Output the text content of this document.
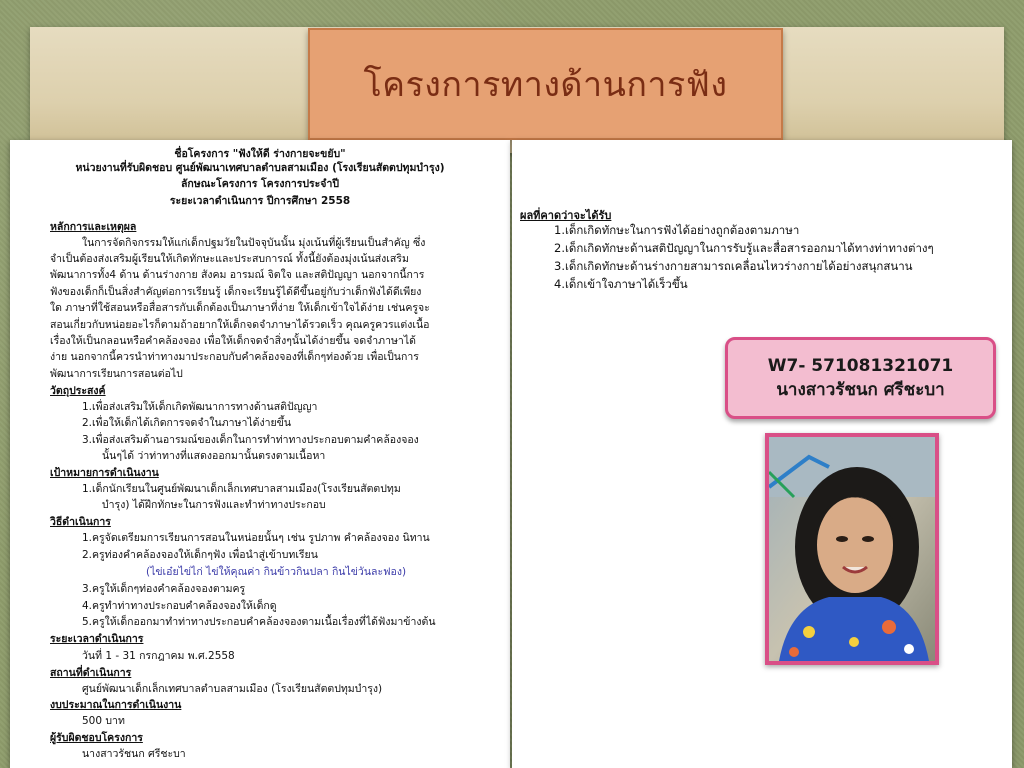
โครงการทางด้านการฟัง
ชื่อโครงการ "ฟังให้ดี ร่างกายจะขยับ"
หน่วยงานที่รับผิดชอบ ศูนย์พัฒนาเทศบาลตำบลสามเมือง (โรงเรียนสัตตปทุมบำรุง)
ลักษณะโครงการ โครงการประจำปี
ระยะเวลาดำเนินการ ปีการศึกษา 2558
หลักการและเหตุผล
ในการจัดกิจกรรมให้แก่เด็กปฐมวัยในปัจจุบันนั้น มุ่งเน้นที่ผู้เรียนเป็นสำคัญ ซึ่ง
จำเป็นต้องส่งเสริมผู้เรียนให้เกิดทักษะและประสบการณ์ ทั้งนี้ยังต้องมุ่งเน้นส่งเสริม
พัฒนาการทั้ง4 ด้าน ด้านร่างกาย สังคม อารมณ์ จิตใจ และสติปัญญา นอกจากนี้การ
ฟังของเด็กก็เป็นสิ่งสำคัญต่อการเรียนรู้ เด็กจะเรียนรู้ได้ดีขึ้นอยู่กับว่าเด็กฟังได้ดีเพียง
ใด ภาษาที่ใช้สอนหรือสื่อสารกับเด็กต้องเป็นภาษาที่ง่าย ให้เด็กเข้าใจได้ง่าย เช่นครูจะ
สอนเกี่ยวกับหน่อยอะไรก็ตามถ้าอยากให้เด็กจดจำภาษาได้รวดเร็ว คุณครูควรแต่งเนื้อ
เรื่องให้เป็นกลอนหรือคำคล้องจอง เพื่อให้เด็กจดจำสิ่งๆนั้นได้ง่ายขึ้น จดจำภาษาได้
ง่าย นอกจากนี้ควรนำท่าทางมาประกอบกับคำคล้องจองที่เด็กๆท่องด้วย เพื่อเป็นการ
พัฒนาการเรียนการสอนต่อไป
วัตถุประสงค์
1.เพื่อส่งเสริมให้เด็กเกิดพัฒนาการทางด้านสติปัญญา
2.เพื่อให้เด็กได้เกิดการจดจำในภาษาได้ง่ายขึ้น
3.เพื่อส่งเสริมด้านอารมณ์ของเด็กในการทำท่าทางประกอบตามคำคล้องจอง
นั้นๆได้ ว่าท่าทางที่แสดงออกมานั้นตรงตามเนื้อหา
เป้าหมายการดำเนินงาน
1.เด็กนักเรียนในศูนย์พัฒนาเด็กเล็กเทศบาลสามเมือง(โรงเรียนสัตตปทุม
บำรุง) ได้ฝึกทักษะในการฟังและทำท่าทางประกอบ
วิธีดำเนินการ
1.ครูจัดเตรียมการเรียนการสอนในหน่อยนั้นๆ เช่น รูปภาพ คำคล้องจอง นิทาน
2.ครูท่องคำคล้องจองให้เด็กๆฟัง เพื่อนำสู่เข้าบทเรียน
(ไข่เอ๋ยไข่ไก่ ไข่ให้คุณค่า กินข้าวกินปลา กินไข่วันละฟอง)
3.ครูให้เด็กๆท่องคำคล้องจองตามครู
4.ครูทำท่าทางประกอบคำคล้องจองให้เด็กดู
5.ครูให้เด็กออกมาทำท่าทางประกอบคำคล้องจองตามเนื้อเรื่องที่ได้ฟังมาข้างต้น
ระยะเวลาดำเนินการ
วันที่ 1 - 31 กรกฎาคม พ.ศ.2558
สถานที่ดำเนินการ
ศูนย์พัฒนาเด็กเล็กเทศบาลตำบลสามเมือง (โรงเรียนสัตตปทุมบำรุง)
งบประมาณในการดำเนินงาน
500 บาท
ผู้รับผิดชอบโครงการ
นางสาวรัชนก ศรีชะบา
ผลที่คาดว่าจะได้รับ
1.เด็กเกิดทักษะในการฟังได้อย่างถูกต้องตามภาษา
2.เด็กเกิดทักษะด้านสติปัญญาในการรับรู้และสื่อสารออกมาได้ทางท่าทางต่างๆ
3.เด็กเกิดทักษะด้านร่างกายสามารถเคลื่อนไหวร่างกายได้อย่างสนุกสนาน
4.เด็กเข้าใจภาษาได้เร็วขึ้น
W7- 571081321071
นางสาวรัชนก ศรีชะบา
